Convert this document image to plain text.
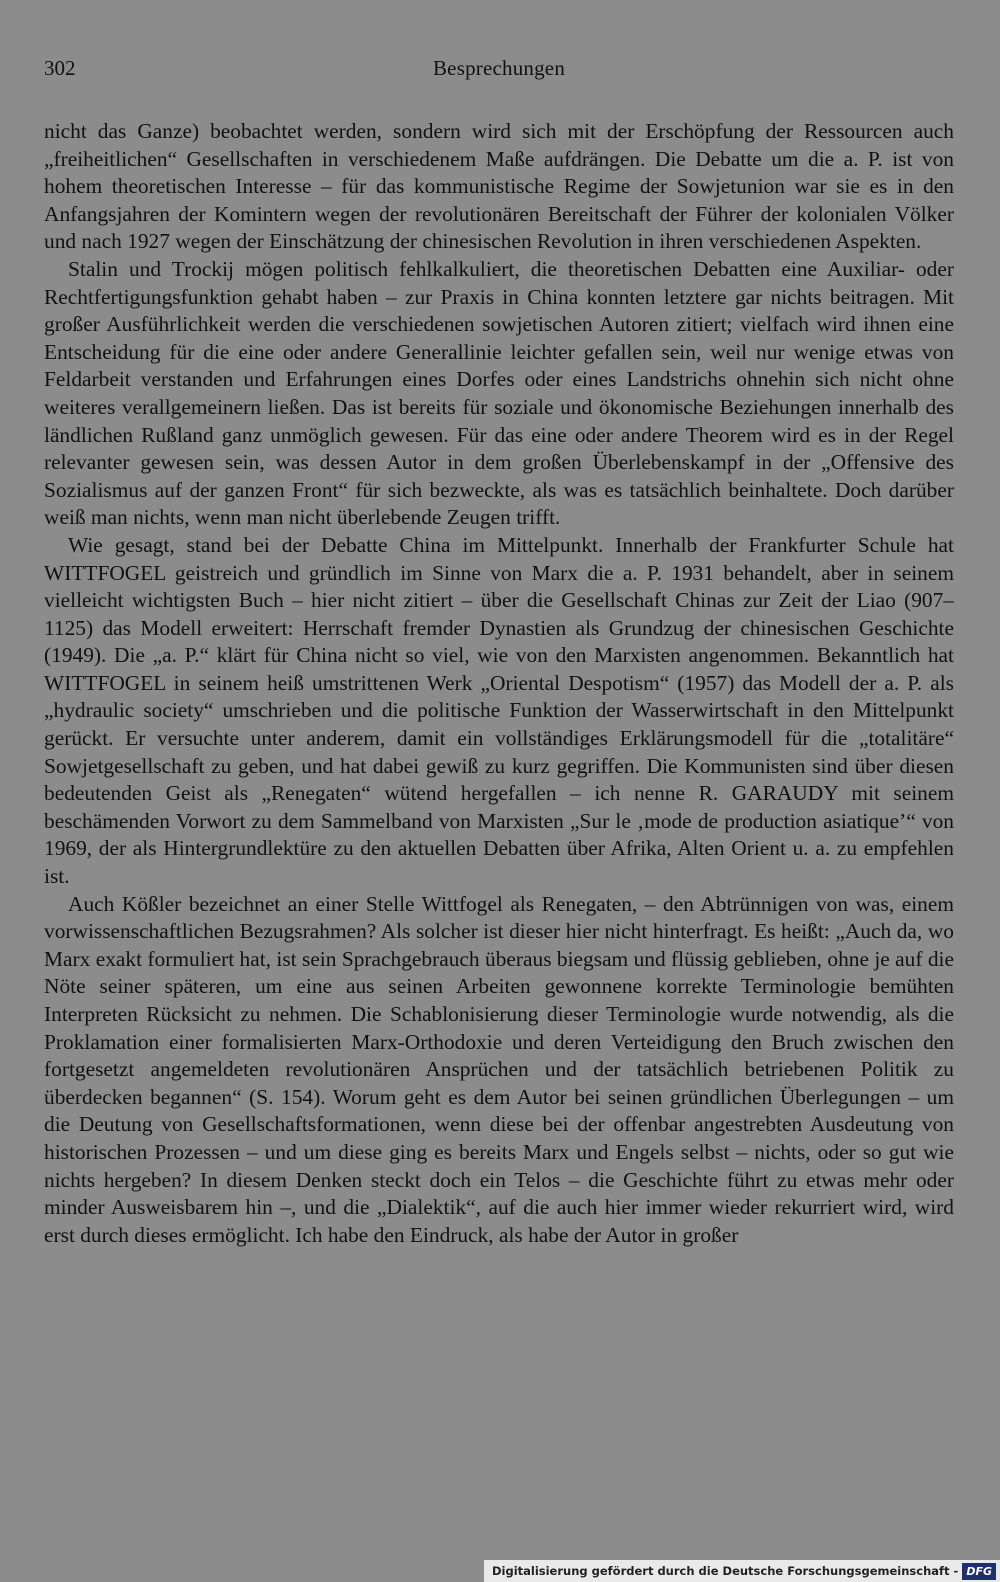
302	Besprechungen

nicht das Ganze) beobachtet werden, sondern wird sich mit der Erschöpfung der Ressourcen auch „freiheitlichen“ Gesellschaften in verschiedenem Maße aufdrängen. Die Debatte um die a. P. ist von hohem theoretischen Interesse – für das kommunistische Regime der Sowjetunion war sie es in den Anfangsjahren der Komintern wegen der revolutionären Bereitschaft der Führer der kolonialen Völker und nach 1927 wegen der Einschätzung der chinesischen Revolution in ihren verschiedenen Aspekten.

Stalin und Trockij mögen politisch fehlkalkuliert, die theoretischen Debatten eine Auxiliar- oder Rechtfertigungsfunktion gehabt haben – zur Praxis in China konnten letztere gar nichts beitragen. Mit großer Ausführlichkeit werden die verschiedenen sowjetischen Autoren zitiert; vielfach wird ihnen eine Entscheidung für die eine oder andere Generallinie leichter gefallen sein, weil nur wenige etwas von Feldarbeit verstanden und Erfahrungen eines Dorfes oder eines Landstrichs ohnehin sich nicht ohne weiteres verallgemeinern ließen. Das ist bereits für soziale und ökonomische Beziehungen innerhalb des ländlichen Rußland ganz unmöglich gewesen. Für das eine oder andere Theorem wird es in der Regel relevanter gewesen sein, was dessen Autor in dem großen Überlebenskampf in der „Offensive des Sozialismus auf der ganzen Front“ für sich bezweckte, als was es tatsächlich beinhaltete. Doch darüber weiß man nichts, wenn man nicht überlebende Zeugen trifft.

Wie gesagt, stand bei der Debatte China im Mittelpunkt. Innerhalb der Frankfurter Schule hat WITTFOGEL geistreich und gründlich im Sinne von Marx die a. P. 1931 behandelt, aber in seinem vielleicht wichtigsten Buch – hier nicht zitiert – über die Gesellschaft Chinas zur Zeit der Liao (907–1125) das Modell erweitert: Herrschaft fremder Dynastien als Grundzug der chinesischen Geschichte (1949). Die „a. P.“ klärt für China nicht so viel, wie von den Marxisten angenommen. Bekanntlich hat WITTFOGEL in seinem heiß umstrittenen Werk „Oriental Despotism“ (1957) das Modell der a. P. als „hydraulic society“ umschrieben und die politische Funktion der Wasserwirtschaft in den Mittelpunkt gerückt. Er versuchte unter anderem, damit ein vollständiges Erklärungsmodell für die „totalitäre“ Sowjetgesellschaft zu geben, und hat dabei gewiß zu kurz gegriffen. Die Kommunisten sind über diesen bedeutenden Geist als „Renegaten“ wütend hergefallen – ich nenne R. GARAUDY mit seinem beschämenden Vorwort zu dem Sammelband von Marxisten „Sur le ‚mode de production asiatique’“ von 1969, der als Hintergrundlektüre zu den aktuellen Debatten über Afrika, Alten Orient u. a. zu empfehlen ist.

Auch Kößler bezeichnet an einer Stelle Wittfogel als Renegaten, – den Abtrünnigen von was, einem vorwissenschaftlichen Bezugsrahmen? Als solcher ist dieser hier nicht hinterfragt. Es heißt: „Auch da, wo Marx exakt formuliert hat, ist sein Sprachgebrauch überaus biegsam und flüssig geblieben, ohne je auf die Nöte seiner späteren, um eine aus seinen Arbeiten gewonnene korrekte Terminologie bemühten Interpreten Rücksicht zu nehmen. Die Schablonisierung dieser Terminologie wurde notwendig, als die Proklamation einer formalisierten Marx-Orthodoxie und deren Verteidigung den Bruch zwischen den fortgesetzt angemeldeten revolutionären Ansprüchen und der tatsächlich betriebenen Politik zu überdecken begannen“ (S. 154). Worum geht es dem Autor bei seinen gründlichen Überlegungen – um die Deutung von Gesellschaftsformationen, wenn diese bei der offenbar angestrebten Ausdeutung von historischen Prozessen – und um diese ging es bereits Marx und Engels selbst – nichts, oder so gut wie nichts hergeben? In diesem Denken steckt doch ein Telos – die Geschichte führt zu etwas mehr oder minder Ausweisbarem hin –, und die „Dialektik“, auf die auch hier immer wieder rekurriert wird, wird erst durch dieses ermöglicht. Ich habe den Eindruck, als habe der Autor in großer

Digitalisierung gefördert durch die Deutsche Forschungsgemeinschaft - DFG
